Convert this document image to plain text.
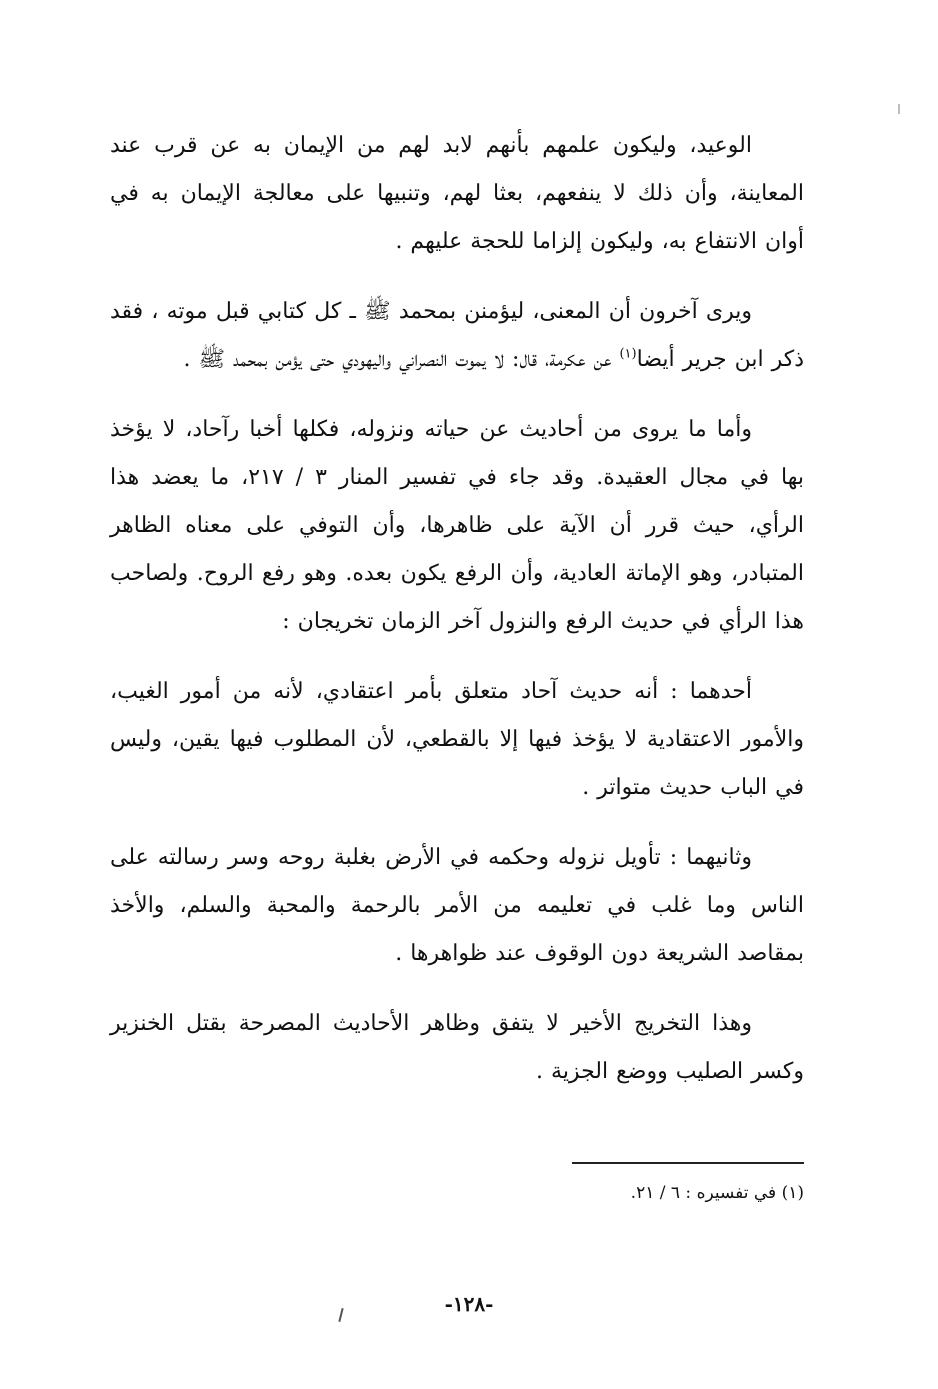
الوعيد، وليكون علمهم بأنهم لابد لهم من الإيمان به عن قرب عند المعاينة، وأن ذلك لا ينفعهم، بعثا لهم، وتنبيها على معالجة الإيمان به في أوان الانتفاع به، وليكون إلزاما للحجة عليهم .

ويرى آخرون أن المعنى، ليؤمنن بمحمد ﷺ ـ كل كتابي قبل موته ، فقد ذكر ابن جرير أيضا$^{(١)}$ عن عكرمة، قال: لا يموت النصراني واليهودي حتى يؤمن بمحمد ﷺ .

وأما ما يروى من أحاديث عن حياته ونزوله، فكلها أخبا رآحاد، لا يؤخذ بها في مجال العقيدة. وقد جاء في تفسير المنار ٣ / ٢١٧، ما يعضد هذا الرأي، حيث قرر أن الآية على ظاهرها، وأن التوفي على معناه الظاهر المتبادر، وهو الإماتة العادية، وأن الرفع يكون بعده. وهو رفع الروح. ولصاحب هذا الرأي في حديث الرفع والنزول آخر الزمان تخريجان :

أحدهما : أنه حديث آحاد متعلق بأمر اعتقادي، لأنه من أمور الغيب، والأمور الاعتقادية لا يؤخذ فيها إلا بالقطعي، لأن المطلوب فيها يقين، وليس في الباب حديث متواتر .

وثانيهما : تأويل نزوله وحكمه في الأرض بغلبة روحه وسر رسالته على الناس وما غلب في تعليمه من الأمر بالرحمة والمحبة والسلم، والأخذ بمقاصد الشريعة دون الوقوف عند ظواهرها .

وهذا التخريج الأخير لا يتفق وظاهر الأحاديث المصرحة بقتل الخنزير وكسر الصليب ووضع الجزية .

(١) في تفسيره : ٦ / ٢١.
-١٢٨-
